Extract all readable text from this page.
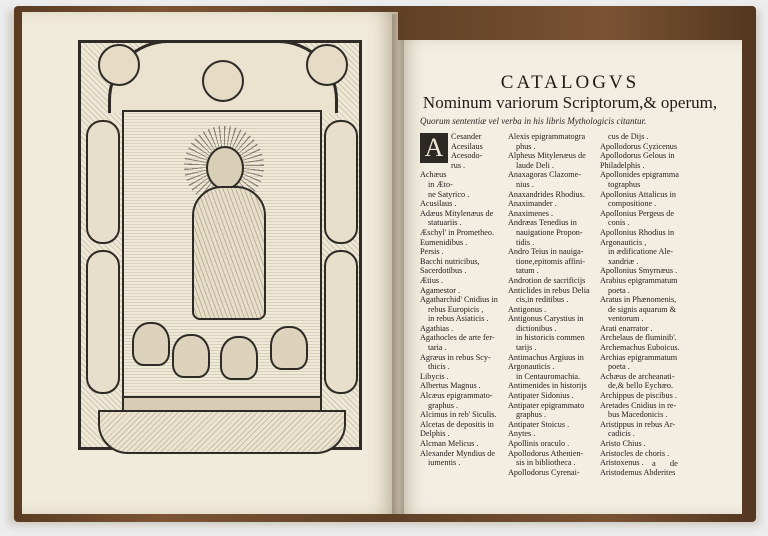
CATALOGVS
Nominum variorum Scriptorum,& operum,
Quorum sententiæ vel verba in his libris Mythologicis citantur.
A Cesander
Acesilaus
Acesodo-
rus .
Achæus
in Æto-
ne Satyrico .
Acusilaus .
Adæus Mitylenæus de
statuariis .
Æschyl' in Prometheo.
Eumenidibus .
Persis .
Bacchi nutricibus,
Sacerdotibus .
Ætius .
Agamestor .
Agatharchid' Cnidius in
rebus Europicis ,
in rebus Asiaticis .
Agathias .
Agathocles de arte fer-
taria .
Agræus in rebus Scy-
thicis .
Libycis .
Albertus Magnus .
Alcæus epigrammato-
graphus .
Alcimus in reb' Siculis.
Alcetas de depositis in
Delphis .
Alcman Melicus .
Alexander Myndius de
iumentis .
Alexis epigrammatogra
phus .
Alpheus Mitylenæus de
laude Deli .
Anaxagoras Clazome-
nius .
Anaxandrides Rhodius.
Anaximander .
Anaximenes .
Andræas Tenedius in
nauigatione Propon-
tidis .
Andro Teius in nauiga-
tione,epitomis affini-
tatum .
Androtion de sacrificijs
Anticlides in rebus Delia
cis,in reditibus .
Antigonus .
Antigonus Carystius in
dictionibus .
in historicis commen
tarijs .
Antimachus Argiuus in
Argonauticis .
in Centauromachia.
Antimenides in historijs
Antipater Sidonius .
Antipater epigrammato
graphus .
Antipater Stoicus .
Anytes .
Apollinis oraculo .
Apollodorus Athenien-
sis in bibliotheca .
Apollodorus Cyrenai-
cus de Dijs .
Apollodorus Cyzicenus
Apollodorus Gelous in
Philadelphis .
Apollonides epigramma
tographus
Apollonius Attalicus in
compositione .
Apollonius Pergeus de
conis .
Apollonius Rhodius in
Argonauticis ,
in ædificatione Ale-
xandriæ .
Apollonius Smyrnæus .
Arabius epigrammatum
poeta .
Aratus in Phænomenis,
de signis aquarum &
ventorum .
Arati enarrator .
Archelaus de fluminib'.
Archemachus Euboicus.
Archias epigrammatum
poeta .
Achæus de archeanati-
de,& bello Eychæo.
Archippus de piscibus .
Aretades Cnidius in re-
bus Macedonicis .
Aristippus in rebus Ar-
cadicis .
Aristo Chius .
Aristocles de choris .
Aristoxenus .
Aristodemus Abderites
a de
